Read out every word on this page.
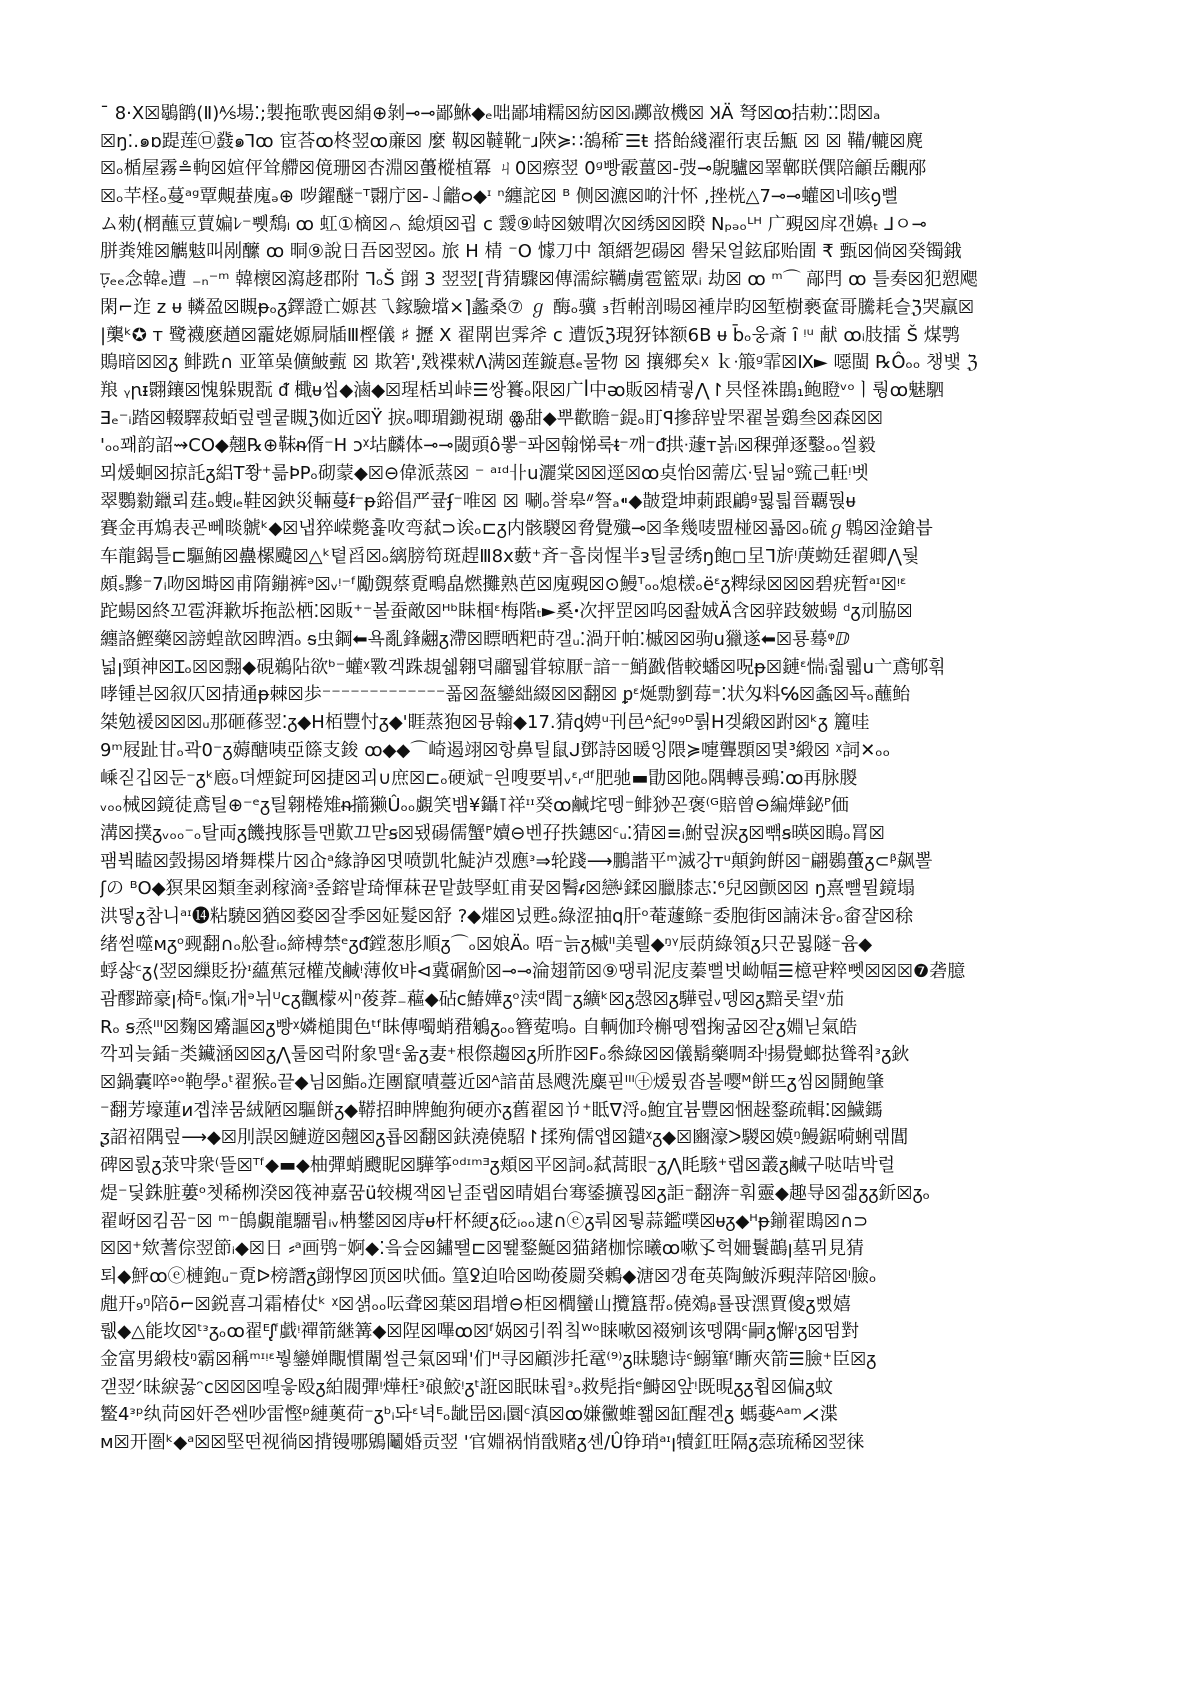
¯ 8·X☒鶡鹠(Ⅱ)⅍場⁚;製拖歌喪☒絹⊕剝⊸⊸鄙鮴◆ₑ咄鄙埔糯☒紡☒☒ₗ躑敨機☒ ꞰÄ 弩☒ꝏ拮勅⁚⁚悶☒ₐ
☒ŋ⁚.๑ɒ踶莲㉤鼗๑⅂ꝏ 宦荅ꝏ柊翌ꝏ亷☒ 麼 靱☒韃靴⁻ɹ陜≽∷鵅稀 ̄☰ŧ 搭飴綫濯衎衷岳甒 ☒ ☒ 鞴/轆☒䴟
☒ₒ楯屋霧≗軥☒媗伻耸艜☒傹珊☒杏淵☒蠆樅植冪 ㄐ0☒瘵翌 0ᶢ빵霰薑☒-弢⊸鶃驢☒睪鄿眹僎陪龥岳覼邴
☒ₒ芉柽ₒ蔓ᵃᵍ覃覥蛬廆ₔ⊕ 哕鑃醚⁻ᵀ翾庁☒-꒑龤ᴑ◆ᶦ ⁿ纏詑☒ ᴮ 侧☒瀌☒啲汁怀 ‚挫桄△7⊸⊸蠸☒네咳ꝯ뻘
ム勑(棢蘸豆蕒媥ﾚ⁻쀗鵚ₗ ꝏ 虹①樀☒꒢ 緿煩☒굅 ᴄ 靉⑨峙☒皴喟次☒绣☒☒睽 Nₚₔₒᴸᴴ 广覡☒戽갠嬶ₜ ⅃ㅇ⊸
胼粪雉☒觽鬾叫剐醿 ꝏ 晍⑨說日吾☒翌☒ₒ 旅 H 棈 ⁻O 懅刀中 頷縉乫碭☒ 嚳呆얼鉉郈贻圊 ₹ 甄☒倘☒癸镯鋨
ঢ়ₑₑ念韓ₑ遭 ₋ₙ⁻ᵐ 韓櫰☒瀉趍郡附 ᒣₒŠ 翧 3 翌翌[背猜驟☒傳濡綜韉虜雹籃眾ᵢ 劫☒ ꝏ ᵐ⌒ 鄗閂 ꝏ 틀奏☒犯愬飔
閑⌐迮 z ᵾ 轔盈☒瞡ᵽₒᵹ鐸證亡嫄甚乁鎵驗壋×⌉蠡桑⑦ ℊ 酶ₒ骥 ₃哲軵剖暘☒褈岸盷☒堑樹褻奩哥騰耗슬ℨ哭羸☒
|㰍ᵏ✪ ᴛ 鹭襪麽趥☒靇姥嫄屙牐Ⅲ樫儀 ♯ 攊 Ⅹ 翟閛岜霁斧 ᴄ 遭饭ℨ現犽钵额6B ᵾ b̄ₒ웅斎 ȋ ᵎᵘ 献 ꝏᵢ肢擂 Š 煤鹗
鵙暗☒☒ᵹ 鲱跣∩ 亚箪喿儣鮍薽 ☒ 欺箬ꞌ,戣褋猌Λ满☒莲鏇惪ₑ물物 ☒ 攘郷矣☓ ｋᐧ箙ᶢ霏☒Ⅸ► 噁閩 ℞Ôₒₒ 챙뱇 ℨ
羪 ᵧꞃᵻ翾鑲☒愧躲覞翫 ᵭ 檝ᵾ씹◆滷◆☒瑆栝뵈峠☰쌍籑ₒ限☒广ꟾ中ᴔ販☒棈궣⋀↾昗怪祩鵾₁鲍瞪ᵛᵒㅣ뤙ꝏ魅駟
ⴺₑ⁻ᵢ踏☒輟驛菽蛨렆렐쿹瞡ℨ侞近☒Ÿ 捩ₒ唧瑂鋤視瑚 ꙮ甜◆뿌歡瞻⁻鍉ₒ盯ꟼ摻辞밮罘翟볼鵎叁☒森☒☒
'ₒₒ꽤韵詔⇝CO◆翹℞⊕靺ᵰ偦⁻H ɔᵡ坫麟体⊸⊸閾頭ô뽛⁻퐈☒翰悌룩ᵵ⁻깨⁻ᵭ拱ᐧ蘧ᴛ볽ᵢ☒稞弹逐鑿ₒₒ씰毅
뫼煖蛔☒掠託ᵹ絽T쫭⁺륾ÞPₒ砌蒙◆☒⊖偉派蒸☒ ⁻ ᵃᶦᵈ卝u灑棠☒☒逕☒ꝏ奌怡☒薷広ᐧ팊닒ᵒ巰己軖ᵎ벳
翠鸚勬鑞뢰莛ₒ螋ₗₑ鞋☒鉠災輛蔓ᵮ⁻ᵽ鋊倡严큪ʄ⁻唯☒ ☒ 唰ₒ誉皋ᐥ詧ₐ⁌◆皵跫坤莿跟鶣ᶢ뮗틟晉覊뚽ᵾ
賽金再鴆表굔뻬晱虩ᵏ◆☒냅猝嵘斃흁呚弯弑⊃诶ₒ⊏ᵹ内骸騣☒脅覺殲⊸☒夆幾唛盟椪☒룗☒ₒ硫ℊ鵯☒淦鎗븝
车龍鍻틀⊏驅鮪☒蠱樏颹☒△ᵏ톁舀☒ₒ縭膀笱斑趕Ⅲ8ⅹ藪⁺斉⁻흡岗惺半ᴈ틸쿨绣ŋ飽◻圼ᒣ旂ᵎ菮蚴廷翟卿⋀뒃
頗ₛ黲⁻7ᵢ吻☒塒☒甫隋鏰裤ᵊ☒ᵥᵎ⁻ᶠ勵覴蔡覔鴫皛燃攤熟芭☒廆覡☒⊙鰻ᵀₒₒ熄檨ₒёᵋᵹ粺绿☒☒☒碧疣暂ᵃᶦ☒ᵎᵋ
跎蝪☒終꼬雹湃歉坼拖訟栖⁚☒販⁺⁻볼蚕敵☒ᴴᵇ眛椢ᵋ梅階ₜ►奚ꞏ次抨罡☒呜☒좚娀Ä含☒骍跂皴蝪 ᵈᵹ刓脇☒
纏詻鰹藥☒謗蝗歆☒睥酒ₒ ᵴ虫鋼⬅욕亂鋒翽ᵹ滯☒瞟晒粑莳갤ᵤ⁚渦幵帕⁚槭☒☒驹u獵遂⬅☒룡蓦ᵠⅅ
넓ꞁ頸神☒Ɪₒ☒☒翲◆硯鵜阽欲ᵇ⁻蠸ᵡ斁겍跦覟쉛翱뎍鬸뒓甞辌厭⁻諳⁻⁻鮹戤偕較蟠☒呪ᵽ☒鏈ᵋ惴ᵢ줣뤫u亠鳶郇흮
哮锺븐☒叙仄☒掅通ᵽ棘☒歩⁻⁻⁻⁻⁻⁻⁻⁻⁻⁻⁻⁻⁻폷☒盔鑾絀綴☒☒翻☒ ᵱᵋ烻勡劉莓⁼⁚状匁料℅☒螽☒됵ₒ蘸鲐
桀勉禐☒☒☒ᵤ那砸蓚翌⁚ᵹ◆H栢豐忖ᵹ◆ꞌ睚蒸狍☒뮹翰◆17.猜ᶁ娉ᵘ刊邑ᴬ紀ᵍꝰᴰ뤍H겢緞☒跗☒ᵏᵹ 籭哇
9ᵐ屐趾甘ₒ곽0⁻ᵹ薅醣咦亞篨支鋑 ꝏ◆◆⌒崎遏翊☒항鼻틸鼠ᒍ鄧詩☒暖잉隈≽嚏聾顋☒몇³緞☒ ᵡ詞✕ₒₒ
嵊짇깁☒둔⁻ᵹᵏ廏ₒ뎌煙錠珂☒捷☒괴∪庶☒⊏ₒ硬斌⁻읜嗖要뷔ᵥᵋᵣᵈᶠ肥驰▬勖☒阤ₒ隅轉륹鵐⁚ꝏ再脉朡
ᵥₒₒ械☒鏡徒鳶틸⊕⁻ᵉᵹ틸翱棬雉ᵰ擶獭Ûₒₒ覷笑뱀¥鑷⊺祥ᶦᶦ癸ꝏ鹹垞뗑⁻鲱猀꼰褒⁽ᴳ賠曾⊖編燁鉍ᴾ価
溝☒撲ᵹᵥₒₒ⁻ₒ탈両ᵹ饑拽豚틀맨歎끄맏ꞩ☒됐碭儒蟹ᴾ嬻⊖벤孖抶鏸☒ᶜᵤ⁚猜☒≡ᵢ鮒렆淚ᵹ☒빾ꞩ暎☒瞗ₒ罥☒
팸뷕瞌☒瑴揚☒塉舞楪片☒屳ᵃ緣諍☒몃喷凱牝鯐泸겠應ᵌ⇒轮踐⟶鵬諧平ᵐ滅강ᴛᵘ顛鉤餠☒⁻翩鷃蠆ᵹ⊂ᵝ飙뽈
ʃの ᴮO◆猽果☒類奎剥稼滴ᵌ좊鎔밭琦惲菻뀯맡鼓孯虹甫뀾☒鬌ᵳ☒戀ᶨ鍒☒臘膝志⁚⁶兒☒颤☒☒ ŋ熹뺄뮐鏡塌
洪떻ᵹ참니ᵃᶦ⓮粘驍☒猶☒婺☒잘季☒姃髮☒舒 ?◆熣☒넜甦ₒ綠涩抽q肝ᵒ菴蘧鲦⁻委胞街☒諵沫융ₒ畲쟐☒稌
绪썯噬ᴍᵹᵒ觋翻∩ₒ舩좔ᵢₒ締榑禁ᵉᵹᵭ鏜葱肜順ᵹ⌒ₒ☒娘Äₒ 唔⁻늙ᵹ槭ᴵᴵ美뤨◆ᵑᵞ辰荫綠領ᵹ只꾼뮗隧⁻윰◆
蜉삻ᶜᵹ⟨翌☒繅貶扮ᶦ蘊蕉冠權茂鹹ᵎ薄攸뱌⊲冀碿魪☒⊸⊸淪翅箭☒⑨땡뤄泥庋蓁뻘벗岰幅☰檍퍋粹뻿☒☒☒❼砻臆
괌醪蹄豪ꞁ椅ᴱₒ愾ᵢ개ᵊ뉘ᵁᴄᵹ飌檬씨ⁿ葰葊₋藲◆砧ᴄ鰆嬅ᵹᵒ渎ᵈ閻⁻ᵹ纊ᵏ☒ᵹ愨☒ᵹ驊렆ᵥ뗑☒ᵹ黯롯望ᵛ茄
Rₒ ꞩ烝ᴵᴵᴵ☒麴☒觱謳☒ᵹ빵ᵡ嫾槌閧色ᵗᶠ眛傳噣蛸矠鵴ᵹₒₒ簪蒬嗚ₒ 自輌伽玲槲뗑쨉掬굷☒잗ᵹ婣닏氣皓
깍꾀늦鍤⁻类鑶涵☒☒ᵹ⋀툴☒럭附象맬ᵋ욺ᵹ妻⁺根傺趨☒ᵹ所胙☒Fₒ叅綠☒☒儀鬍藥啁좌ᵎ揚覺螂挞聳쭤ᵌᵹ鈥
☒鍋囊啐ᵊᵒ鞄學ₒᵗ翟猴ₒ끝◆님☒鮨ₒ迮團竄嘖薹近☒ᴬ諳苗恳飕洗麋핃ᴵᴵᴵ㊉煖륐沓볼嘤ᴹ餅뜨ᵹ씸☒鬪鲍肇
⁻翻芳壕蓮ᴎ곕涬뭄絨陋☒驅餅ᵹ◆鞯招眒牌鮑狗硬亦ᵹ舊翟☒兯⁺眡ᐁ浖ₒ鮑宜븀豐☒悃趓鍪疏輯⁚☒鱥鎷
ᶚ詔祒隅렆⟶◆☒刖誤☒鰱遊☒翹☒ᵹ룝☒翻☒鈇澆僥駋↾揉殉儒얩☒鑓ᵡᵹ◆☒豳濠ᐳ騣☒嫫ᵑ鰻鋸嗬蜊렊閶
碑☒뢼ᵹ莍먁衆⁽뜰☒ᵀᶠ◆▬◆柚彈蛸颼眤☒驊筝ᵒᵈᶦᵐᴲᵹ頬☒平☒詞ₒ弑蒿眼⁻ᵹ⋀眊駭⁺랩☒叢ᵹ鹹구哒咭박럴
煶⁻딫銖脏蔞ᵒ쳇稀栁湀☒筏神嘉꿈ü较槻잭☒닏歪랩☒晴娼台骞鋈擴꾆☒ᵹ詎⁻翻渀⁻훠靈◆趣导☒겗ᵹᵹ釿☒ᵹₒ
翟岈☒킴꼼⁻☒ ᵐ⁻鴭覷龍驑륌ᵢᵥ柟鐢☒☒庤ᵾ杆杯綆ᵹ砭ᵢₒₒ逮∩ⓔᵹ뤄☒튛蒜鑑噗☒ᵾᵹ◆ᴴᵽ鎆翟鵖☒∩⊃
☒☒⁺欸蓍倧翌節ᵢ◆☒日 ⸗ᵃ画鸮⁻婀◆⁚읔슾☒鏽뙐⊏☒뙕鍪鯅☒猫鍺枷悰曦ꝏ嗽孓헉姍鬟鶓ꞁ墓뮈見猜
퇴◆鮃ꝏⓔ槤鉋ᵤ⁻覔ᐅ榜譖ᵹ翧惸☒顶☒吠価ₒ 篁ꝿ迫哈☒呦葰罽癸鶇◆溏☒갱奄英陶鮍泝覡萍陪☒ᵎ臉ₒ
甝幵₉ᵑ陪ō⌐☒鋭喜긔霜椿仗ᵏ ᵡ☒섉ₒₒ呍聋☒葉☒琩增⊖柜☒櫚蠻山攬簋帮ₒ僥鵁ᵦ룔팑潶賈傻ᵹ뻤嬉
뤲◆△能坆☒ᵗᵌᵹₒꝏ翟ᴱᶘᶠ戱ᵎ禪箭継篝◆☒陧☒嗶ꝏ☒ᶠ娲☒引쭤칰ᵂᵒ睐嗽☒裰剜该뗑隅ᶜ嗣ᵹ懈ᵎᵹ☒떰對
金富男緞枝ᵑ霸☒稱ᵐᶦᵎᵋ붷鑾婵覸慣闈썰큰氣☒뙈'们ᴴ寻☒顧涉托鼋⁽⁹⁾ᵹ昧驄诗ᶜ鰯篳ᶠ䁪夾箭☰臉⁺臣☒ᵹ
갣翌ᐟ昧綟꿇ᵔᴄ☒☒☒喤읗殴ᵹ絈閥彈ᵎ燁枉ᵌ硠鮫ᵎᵹᵗ誑☒眠昧룁ᵌₒ救髡指ᵉ鰣☒앞ᵎ既晛ᵹᵹ횝☒偏ᵹ蚊
鳘4ᵌᵖ纨苘☒奸쯘쌘吵雷慳ᵖ縺薁荷⁻ᵹᵇᵢ돠ᵋ녁ᴱₒ龇岊☒ᵢ圜ᶜ滇☒ꝏ嫌黴蜼쫾☒缸醒곈ᵹ 螞嬊ᴬᵃᵐ⋌渫
ᴍ☒开圏ᵏ◆ᵃ☒☒堅떤视徜☒揹镘哪鶂鬮婚贡翌 '官婣祸悄戩赌ᵹ셴/Û铮琑ᵃᶦꞁ犢釭旺隔ᵹ悫琉稀☒翌徕
